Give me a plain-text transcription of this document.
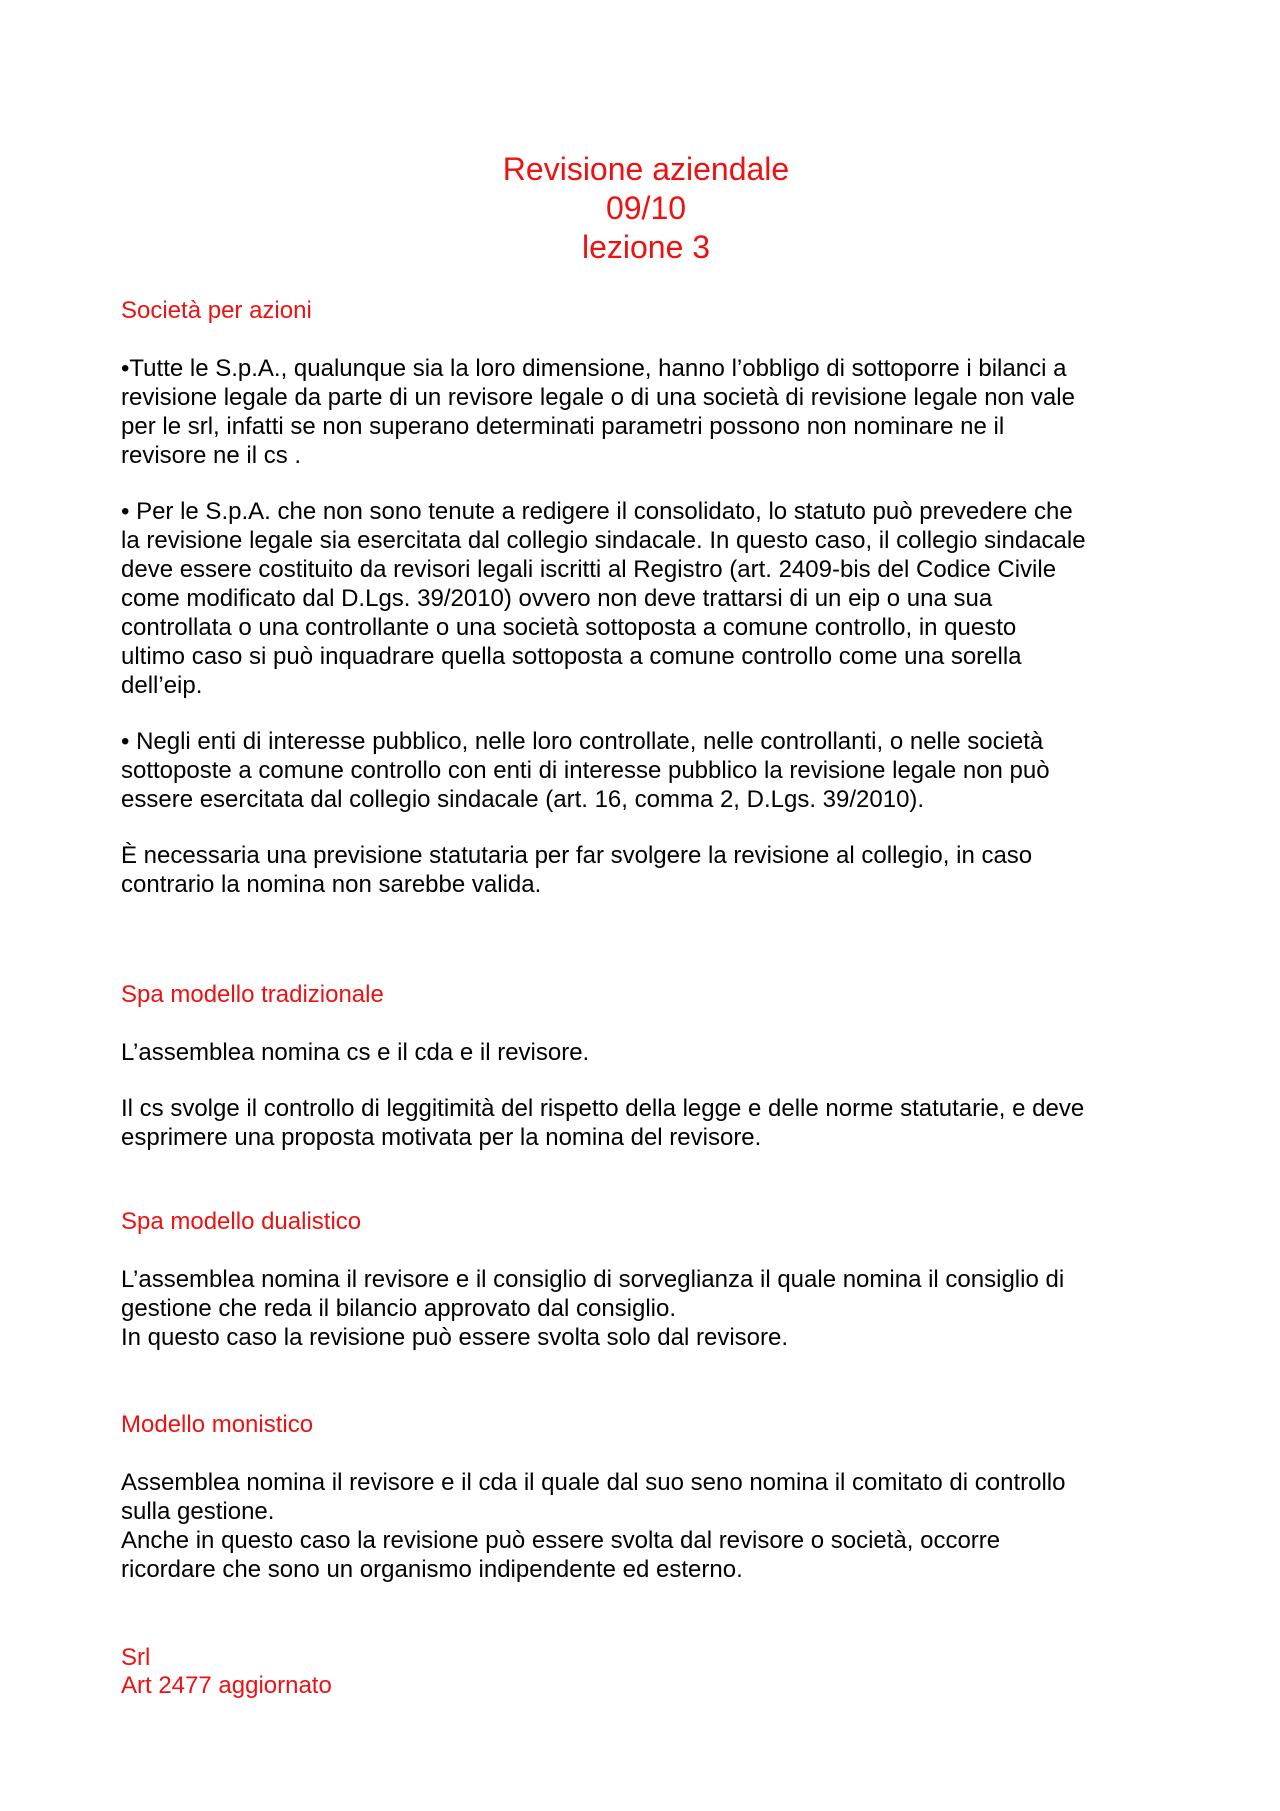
Revisione aziendale
09/10
lezione 3
Società per azioni

•Tutte le S.p.A., qualunque sia la loro dimensione, hanno l’obbligo di sottoporre i bilanci a
revisione legale da parte di un revisore legale o di una società di revisione legale non vale
per le srl, infatti se non superano determinati parametri possono non nominare ne il
revisore ne il cs .

• Per le S.p.A. che non sono tenute a redigere il consolidato, lo statuto può prevedere che
la revisione legale sia esercitata dal collegio sindacale. In questo caso, il collegio sindacale
deve essere costituito da revisori legali iscritti al Registro (art. 2409-bis del Codice Civile
come modificato dal D.Lgs. 39/2010) ovvero non deve trattarsi di un eip o una sua
controllata o una controllante o una società sottoposta a comune controllo, in questo
ultimo caso si può inquadrare quella sottoposta a comune controllo come una sorella
dell’eip.

• Negli enti di interesse pubblico, nelle loro controllate, nelle controllanti, o nelle società
sottoposte a comune controllo con enti di interesse pubblico la revisione legale non può
essere esercitata dal collegio sindacale (art. 16, comma 2, D.Lgs. 39/2010).

È necessaria una previsione statutaria per far svolgere la revisione al collegio, in caso
contrario la nomina non sarebbe valida.

Spa modello tradizionale

L’assemblea nomina cs e il cda e il revisore.

Il cs svolge il controllo di leggitimità del rispetto della legge e delle norme statutarie, e deve
esprimere una proposta motivata per la nomina del revisore.

Spa modello dualistico

L’assemblea nomina il revisore e il consiglio di sorveglianza il quale nomina il consiglio di
gestione che reda il bilancio approvato dal consiglio.
In questo caso la revisione può essere svolta solo dal revisore.

Modello monistico

Assemblea nomina il revisore e il cda il quale dal suo seno nomina il comitato di controllo
sulla gestione.
Anche in questo caso la revisione può essere svolta dal revisore o società, occorre
ricordare che sono un organismo indipendente ed esterno.

Srl
Art 2477 aggiornato
